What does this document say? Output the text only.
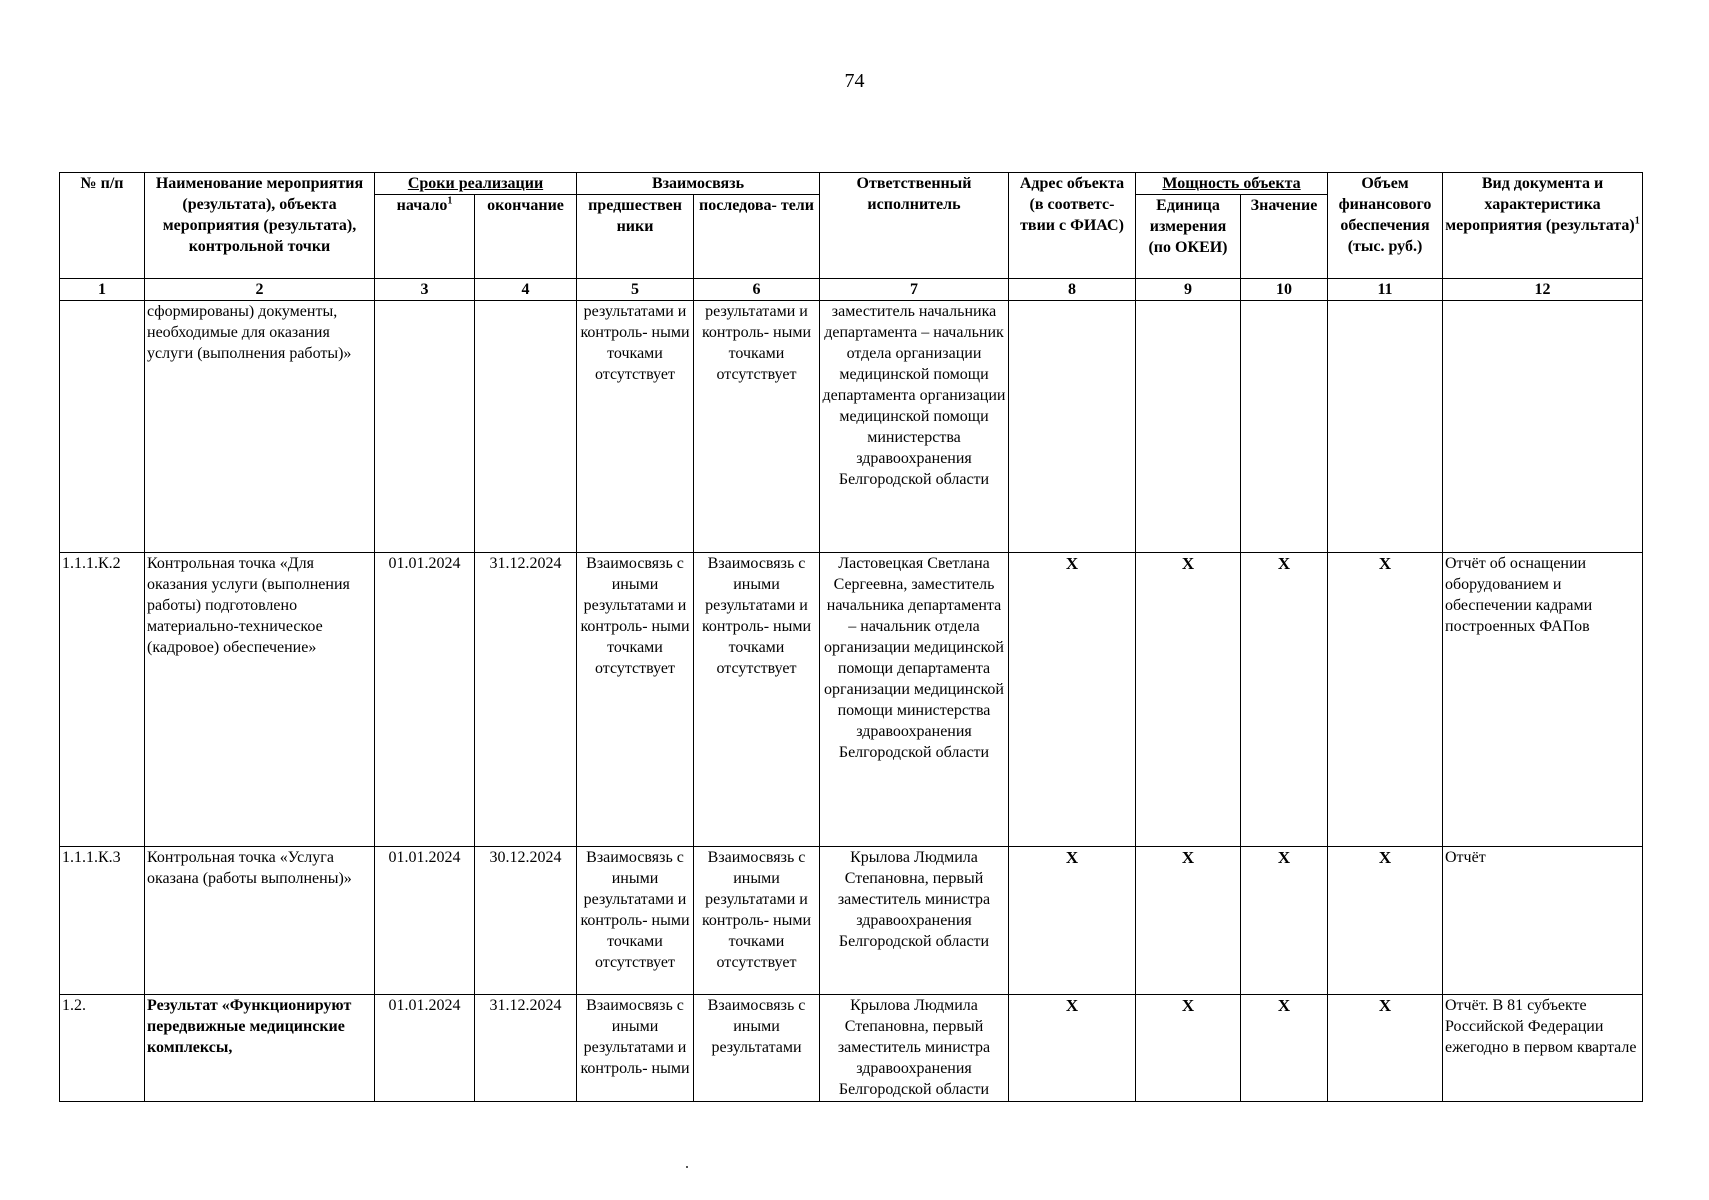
74
№ п/п	Наименование мероприятия (результата), объекта мероприятия (результата), контрольной точки	Сроки реализации		Взаимосвязь		Ответственный исполнитель	Адрес объекта (в соответс- твии с ФИАС)	Мощность объекта		Объем финансового обеспечения (тыс. руб.)	Вид документа и характеристика мероприятия (результата)$^1$
		начало$^1$	окончание	предшествен ники	последова- тели			Единица измерения (по ОКЕИ)	Значение		
1	2	3	4	5	6	7	8	9	10	11	12
	сформированы) документы, необходимые для оказания услуги (выполнения работы)»			результатами и контроль- ными точками отсутствует	результатами и контроль- ными точками отсутствует	заместитель начальника департамента – начальник отдела организации медицинской помощи департамента организации медицинской помощи министерства здравоохранения Белгородской области					
1.1.1.К.2	Контрольная точка «Для оказания услуги (выполнения работы) подготовлено материально-техническое (кадровое) обеспечение»	01.01.2024	31.12.2024	Взаимосвязь с иными результатами и контроль- ными точками отсутствует	Взаимосвязь с иными результатами и контроль- ными точками отсутствует	Ластовецкая Светлана Сергеевна, заместитель начальника департамента – начальник отдела организации медицинской помощи департамента организации медицинской помощи министерства здравоохранения Белгородской области	X	X	X	X	Отчёт об оснащении оборудованием и обеспечении кадрами построенных ФАПов
1.1.1.К.3	Контрольная точка «Услуга оказана (работы выполнены)»	01.01.2024	30.12.2024	Взаимосвязь с иными результатами и контроль- ными точками отсутствует	Взаимосвязь с иными результатами и контроль- ными точками отсутствует	Крылова Людмила Степановна, первый заместитель министра здравоохранения Белгородской области	X	X	X	X	Отчёт
1.2.	Результат «Функционируют передвижные медицинские комплексы,	01.01.2024	31.12.2024	Взаимосвязь с иными результатами и контроль- ными	Взаимосвязь с иными результатами	Крылова Людмила Степановна, первый заместитель министра здравоохранения Белгородской области	X	X	X	X	Отчёт. В 81 субъекте Российской Федерации ежегодно в первом квартале
